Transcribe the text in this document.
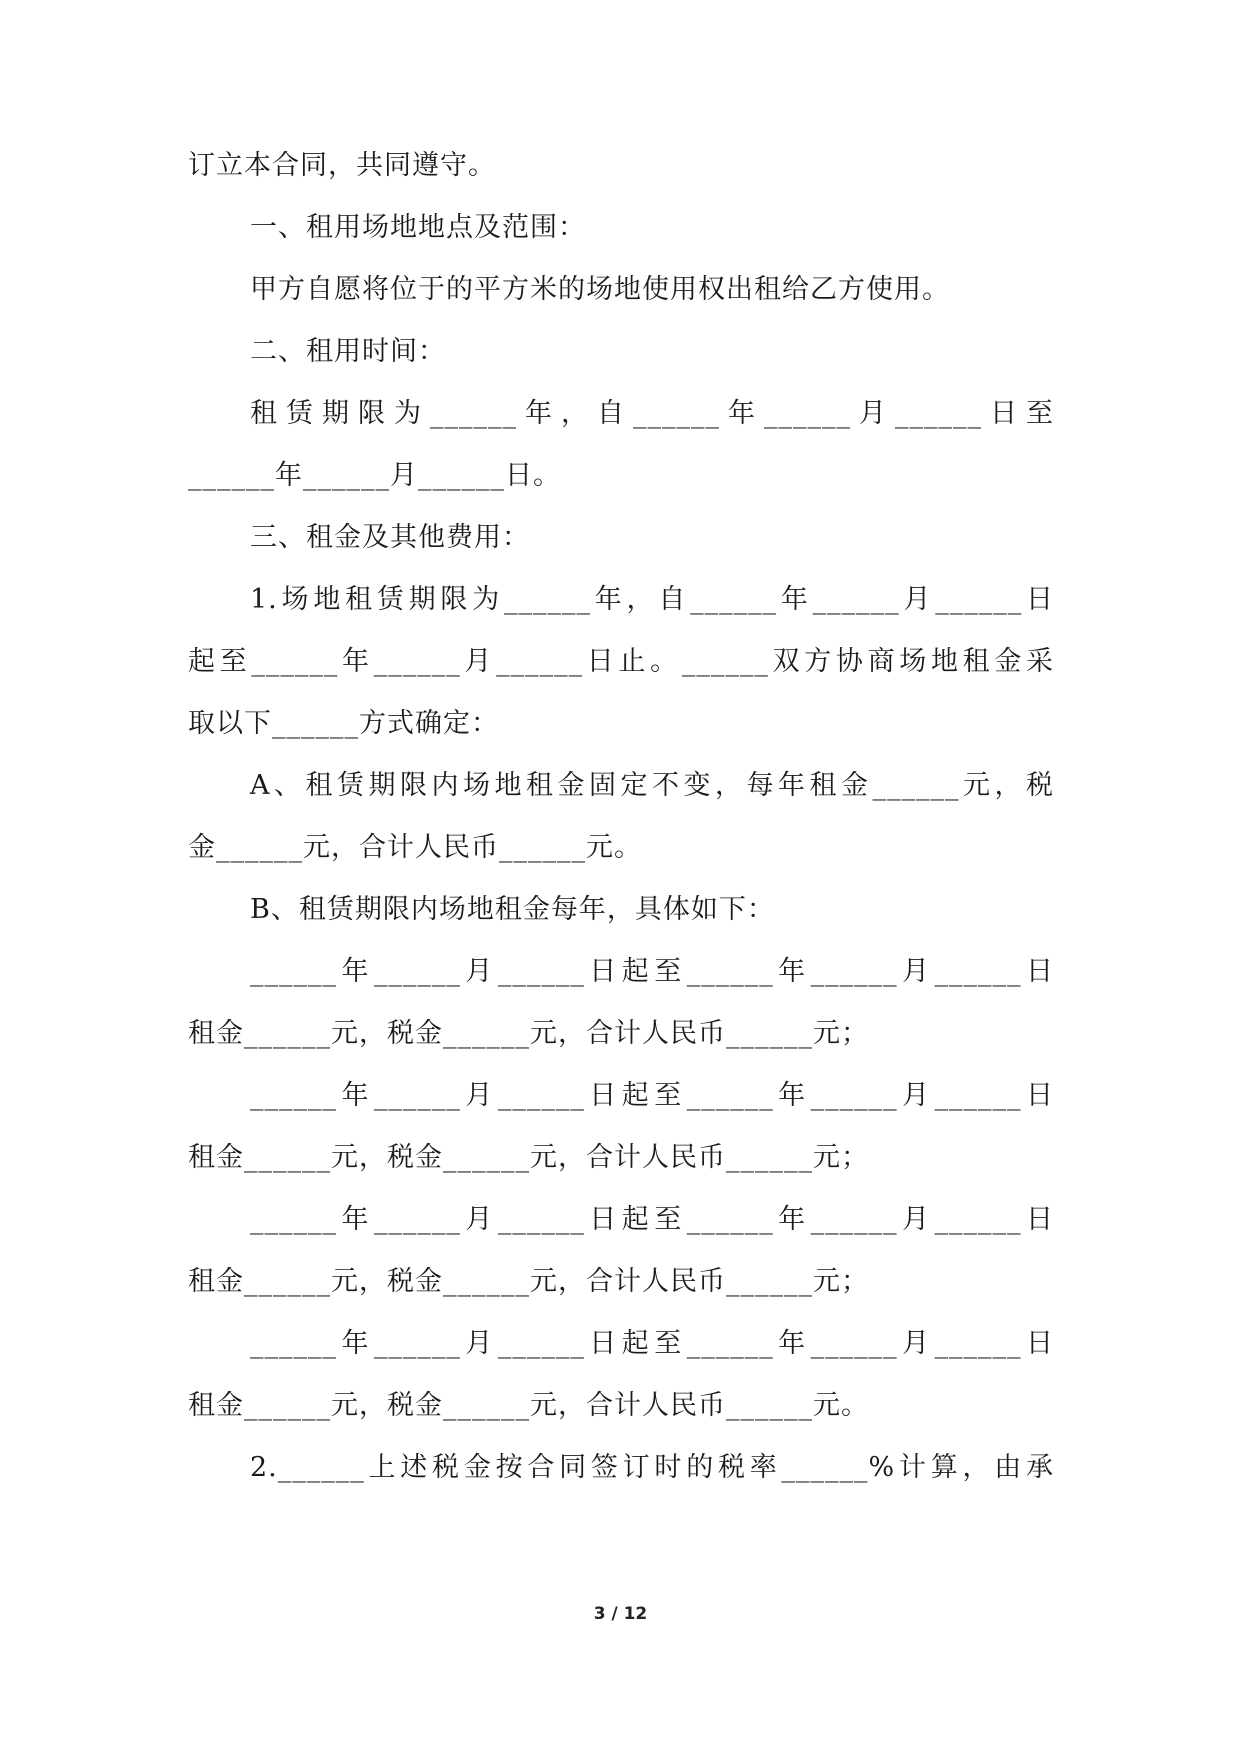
订立本合同，共同遵守。
一、租用场地地点及范围：
甲方自愿将位于的平方米的场地使用权出租给乙方使用。
二、租用时间：
租赁期限为______年，自______年______月______日至
______年______月______日。
三、租金及其他费用：
1.场地租赁期限为______年，自______年______月______日
起至______年______月______日止。______双方协商场地租金采
取以下______方式确定：
A、租赁期限内场地租金固定不变，每年租金______元，税
金______元，合计人民币______元。
B、租赁期限内场地租金每年，具体如下：
______年______月______日起至______年______月______日
租金______元，税金______元，合计人民币______元；
______年______月______日起至______年______月______日
租金______元，税金______元，合计人民币______元；
______年______月______日起至______年______月______日
租金______元，税金______元，合计人民币______元；
______年______月______日起至______年______月______日
租金______元，税金______元，合计人民币______元。
2.______上述税金按合同签订时的税率______%计算，由承
3 / 12
